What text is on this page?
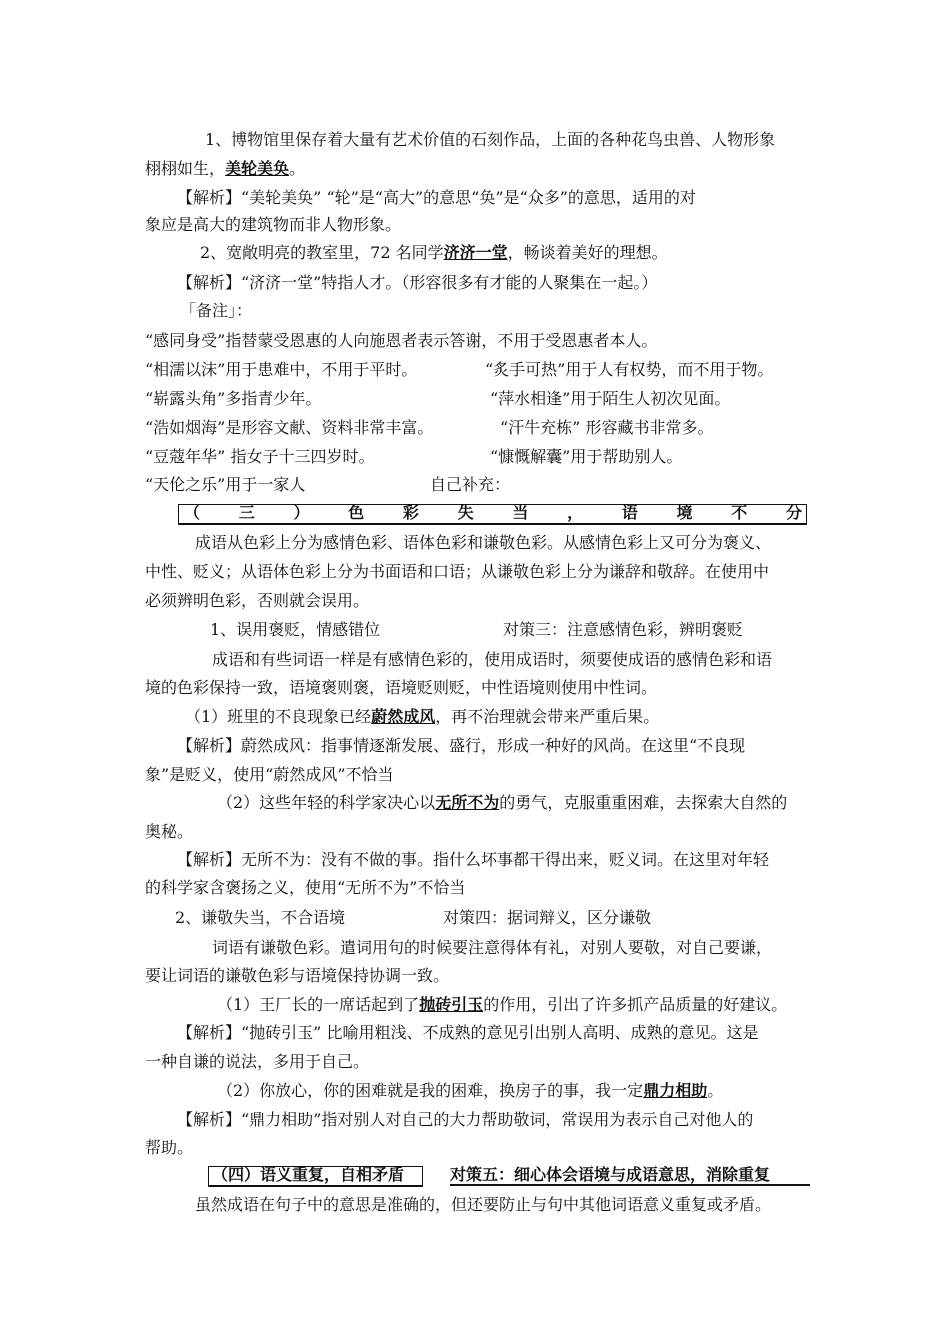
1、博物馆里保存着大量有艺术价值的石刻作品，上面的各种花鸟虫兽、人物形象
栩栩如生，美轮美奂。
【解析】“美轮美奂” “轮”是“高大”的意思“奂”是“众多”的意思，适用的对
象应是高大的建筑物而非人物形象。
2、宽敞明亮的教室里，72 名同学济济一堂，畅谈着美好的理想。
【解析】“济济一堂”特指人才。（形容很多有才能的人聚集在一起。）
「备注」：
“感同身受”指替蒙受恩惠的人向施恩者表示答谢，不用于受恩惠者本人。
“相濡以沫”用于患难中，不用于平时。	“炙手可热”用于人有权势，而不用于物。
“崭露头角”多指青少年。	“萍水相逢”用于陌生人初次见面。
“浩如烟海”是形容文献、资料非常丰富。	“汗牛充栋” 形容藏书非常多。
“豆蔻年华” 指女子十三四岁时。	“慷慨解囊”用于帮助别人。
“天伦之乐”用于一家人	自己补充：
（三）色彩失当，语境不分
成语从色彩上分为感情色彩、语体色彩和谦敬色彩。从感情色彩上又可分为褒义、
中性、贬义；从语体色彩上分为书面语和口语；从谦敬色彩上分为谦辞和敬辞。在使用中
必须辨明色彩，否则就会误用。
1、误用褒贬，情感错位	对策三：注意感情色彩，辨明褒贬
成语和有些词语一样是有感情色彩的，使用成语时，须要使成语的感情色彩和语
境的色彩保持一致，语境褒则褒，语境贬则贬，中性语境则使用中性词。
（1）班里的不良现象已经蔚然成风，再不治理就会带来严重后果。
【解析】蔚然成风：指事情逐渐发展、盛行，形成一种好的风尚。在这里“不良现
象”是贬义，使用“蔚然成风”不恰当
（2）这些年轻的科学家决心以无所不为的勇气，克服重重困难，去探索大自然的
奥秘。
【解析】无所不为：没有不做的事。指什么坏事都干得出来，贬义词。在这里对年轻
的科学家含褒扬之义，使用“无所不为”不恰当
2、谦敬失当，不合语境	对策四：据词辩义，区分谦敬
词语有谦敬色彩。遣词用句的时候要注意得体有礼，对别人要敬，对自己要谦，
要让词语的谦敬色彩与语境保持协调一致。
（1）王厂长的一席话起到了抛砖引玉的作用，引出了许多抓产品质量的好建议。
【解析】“抛砖引玉” 比喻用粗浅、不成熟的意见引出别人高明、成熟的意见。这是
一种自谦的说法，多用于自己。
（2）你放心，你的困难就是我的困难，换房子的事，我一定鼎力相助。
【解析】“鼎力相助”指对别人对自己的大力帮助敬词，常误用为表示自己对他人的
帮助。
（四）语义重复，自相矛盾	对策五：细心体会语境与成语意思，消除重复
虽然成语在句子中的意思是准确的，但还要防止与句中其他词语意义重复或矛盾。
